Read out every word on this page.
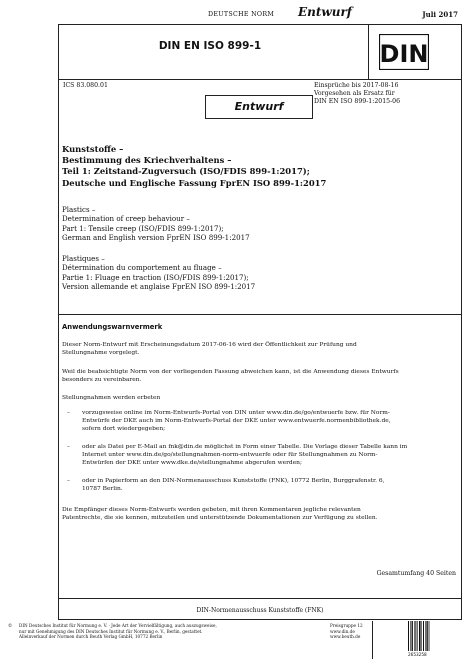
DEUTSCHE NORM Entwurf	Juli 2017
DIN EN ISO 899-1	DIN
ICS 83.080.01	Einsprüche bis 2017-08-16
Vorgesehen als Ersatz für
DIN EN ISO 899-1:2015-06
Entwurf
Kunststoffe –
Bestimmung des Kriechverhaltens –
Teil 1: Zeitstand-Zugversuch (ISO/FDIS 899-1:2017);
Deutsche und Englische Fassung FprEN ISO 899-1:2017
Plastics –
Determination of creep behaviour –
Part 1: Tensile creep (ISO/FDIS 899-1:2017);
German and English version FprEN ISO 899-1:2017
Plastiques –
Détermination du comportement au fluage –
Partie 1: Fluage en traction (ISO/FDIS 899-1:2017);
Version allemande et anglaise FprEN ISO 899-1:2017
Anwendungswarnvermerk
Dieser Norm-Entwurf mit Erscheinungsdatum 2017-06-16 wird der Öffentlichkeit zur Prüfung und
Stellungnahme vorgelegt.
Weil die beabsichtigte Norm von der vorliegenden Fassung abweichen kann, ist die Anwendung dieses Entwurfs
besonders zu vereinbaren.
Stellungnahmen werden erbeten
– vorzugsweise online im Norm-Entwurfs-Portal von DIN unter www.din.de/go/entwuerfe bzw. für Norm-
Entwürfe der DKE auch im Norm-Entwurfs-Portal der DKE unter www.entwuerfe.normenbibliothek.de,
sofern dort wiedergegeben;
– oder als Datei per E-Mail an fnk@din.de möglichst in Form einer Tabelle. Die Vorlage dieser Tabelle kann im
Internet unter www.din.de/go/stellungnahmen-norm-entwuerfe oder für Stellungnahmen zu Norm-
Entwürfen der DKE unter www.dke.de/stellungnahme abgerufen werden;
– oder in Papierform an den DIN-Normenausschuss Kunststoffe (FNK), 10772 Berlin, Burggrafenstr. 6,
10787 Berlin.
Die Empfänger dieses Norm-Entwurfs werden gebeten, mit ihren Kommentaren jegliche relevanten
Patentrechte, die sie kennen, mitzuteilen und unterstützende Dokumentationen zur Verfügung zu stellen.
Gesamtumfang 40 Seiten
DIN-Normenausschuss Kunststoffe (FNK)
© DIN Deutsches Institut für Normung e. V. · Jede Art der Vervielfältigung, auch auszugsweise,
nur mit Genehmigung des DIN Deutsches Institut für Normung e. V., Berlin, gestattet.
Alleinverkauf der Normen durch Beuth Verlag GmbH, 10772 Berlin
Preisgruppe 12
www.din.de
www.beuth.de
2653258
